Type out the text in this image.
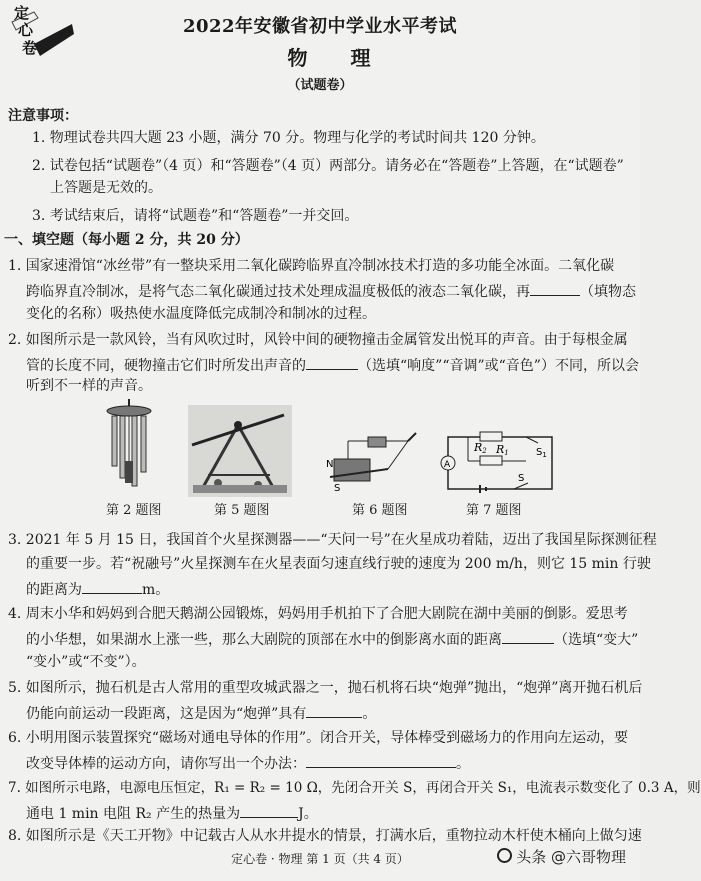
定
心
卷
2022年安徽省初中学业水平考试
物 理
（试题卷）
注意事项：
1. 物理试卷共四大题 23 小题，满分 70 分。物理与化学的考试时间共 120 分钟。
2. 试卷包括“试题卷”（4 页）和“答题卷”（4 页）两部分。请务必在“答题卷”上答题，在“试题卷”
上答题是无效的。
3. 考试结束后，请将“试题卷”和“答题卷”一并交回。
一、填空题（每小题 2 分，共 20 分）
1. 国家速滑馆“冰丝带”有一整块采用二氧化碳跨临界直冷制冰技术打造的多功能全冰面。二氧化碳
跨临界直冷制冰，是将气态二氧化碳通过技术处理成温度极低的液态二氧化碳，再	（填物态
变化的名称）吸热使水温度降低完成制冷和制冰的过程。
2. 如图所示是一款风铃，当有风吹过时，风铃中间的硬物撞击金属管发出悦耳的声音。由于每根金属
管的长度不同，硬物撞击它们时所发出声音的	（选填“响度”“音调”或“音色”）不同，所以会
听到不一样的声音。
N
S
R2 R1	$S_1$
S
A
第 2 题图	第 5 题图	第 6 题图	第 7 题图
3. 2021 年 5 月 15 日，我国首个火星探测器——“天问一号”在火星成功着陆，迈出了我国星际探测征程
的重要一步。若“祝融号”火星探测车在火星表面匀速直线行驶的速度为 200 m/h，则它 15 min 行驶
的距离为	m。
4. 周末小华和妈妈到合肥天鹅湖公园锻炼，妈妈用手机拍下了合肥大剧院在湖中美丽的倒影。爱思考
的小华想，如果湖水上涨一些，那么大剧院的顶部在水中的倒影离水面的距离	（选填“变大”
“变小”或“不变”）。
5. 如图所示，抛石机是古人常用的重型攻城武器之一，抛石机将石块“炮弹”抛出，“炮弹”离开抛石机后
仍能向前运动一段距离，这是因为“炮弹”具有	。
6. 小明用图示装置探究“磁场对通电导体的作用”。闭合开关，导体棒受到磁场力的作用向左运动，要
改变导体棒的运动方向，请你写出一个办法：	。
7. 如图所示电路，电源电压恒定，R₁ = R₂ = 10 Ω，先闭合开关 S，再闭合开关 S₁，电流表示数变化了 0.3 A，则
通电 1 min 电阻 R₂ 产生的热量为	J。
8. 如图所示是《天工开物》中记载古人从水井提水的情景，打满水后，重物拉动木杆使木桶向上做匀速
定心卷 · 物理 第 1 页（共 4 页）	头条 @六哥物理
